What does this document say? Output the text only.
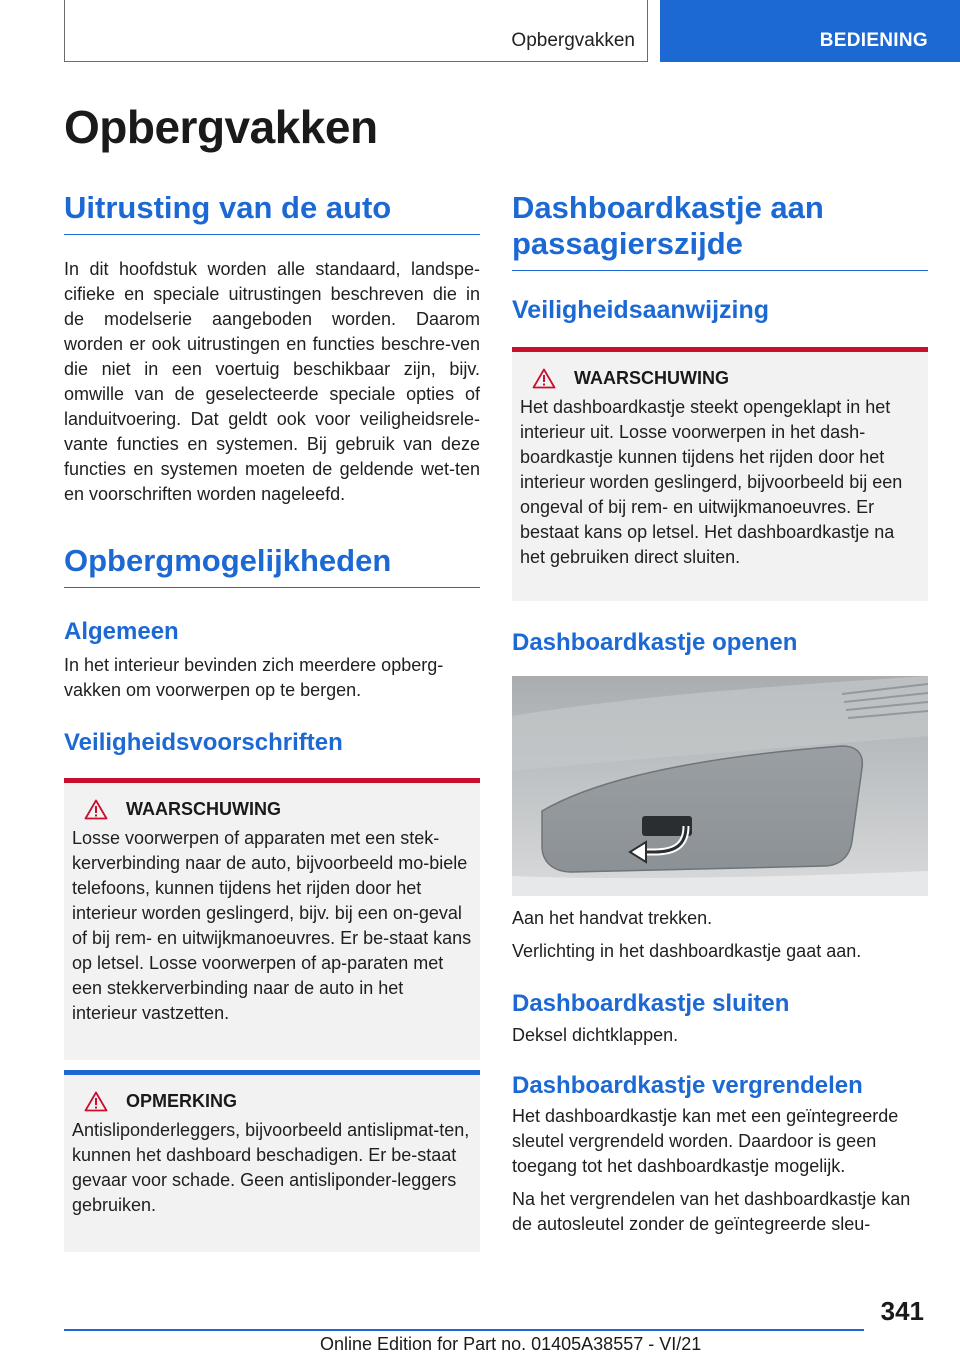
Opbergvakken	BEDIENING
Opbergvakken
Uitrusting van de auto

In dit hoofdstuk worden alle standaard, landspe-cifieke en speciale uitrustingen beschreven die in de modelserie aangeboden worden. Daarom worden er ook uitrustingen en functies beschre-ven die niet in een voertuig beschikbaar zijn, bijv. omwille van de geselecteerde speciale opties of landuitvoering. Dat geldt ook voor veiligheidsrele-vante functies en systemen. Bij gebruik van deze functies en systemen moeten de geldende wet-ten en voorschriften worden nageleefd.

Opbergmogelijkheden
Algemeen

In het interieur bevinden zich meerdere opberg-vakken om voorwerpen op te bergen.

Veiligheidsvoorschriften
WAARSCHUWING

Losse voorwerpen of apparaten met een stek-kerverbinding naar de auto, bijvoorbeeld mo-biele telefoons, kunnen tijdens het rijden door het interieur worden geslingerd, bijv. bij een on-geval of bij rem- en uitwijkmanoeuvres. Er be-staat kans op letsel. Losse voorwerpen of ap-paraten met een stekkerverbinding naar de auto in het interieur vastzetten.

OPMERKING

Antisliponderleggers, bijvoorbeeld antislipmat-ten, kunnen het dashboard beschadigen. Er be-staat gevaar voor schade. Geen antisliponder-leggers gebruiken.

Dashboardkastje aan passagierszijde
Veiligheidsaanwijzing
WAARSCHUWING

Het dashboardkastje steekt opengeklapt in het interieur uit. Losse voorwerpen in het dash-boardkastje kunnen tijdens het rijden door het interieur worden geslingerd, bijvoorbeeld bij een ongeval of bij rem- en uitwijkmanoeuvres. Er bestaat kans op letsel. Het dashboardkastje na het gebruiken direct sluiten.

Dashboardkastje openen

Aan het handvat trekken.

Verlichting in het dashboardkastje gaat aan.

Dashboardkastje sluiten

Deksel dichtklappen.

Dashboardkastje vergrendelen

Het dashboardkastje kan met een geïntegreerde sleutel vergrendeld worden. Daardoor is geen toegang tot het dashboardkastje mogelijk.

Na het vergrendelen van het dashboardkastje kan de autosleutel zonder de geïntegreerde sleu-

341
Online Edition for Part no. 01405A38557 - VI/21
